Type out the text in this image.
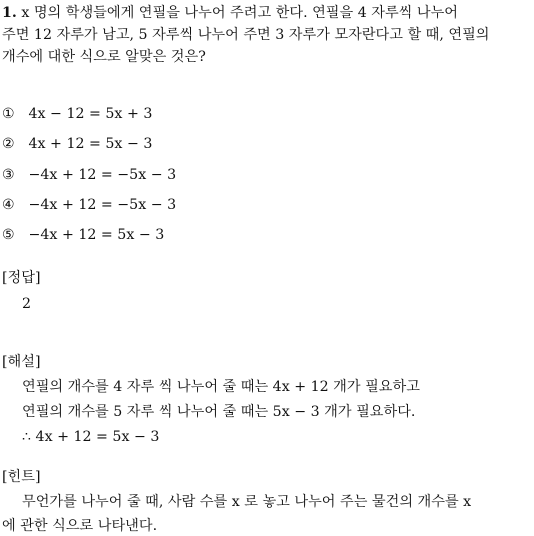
1. x 명의 학생들에게 연필을 나누어 주려고 한다. 연필을 4 자루씩 나누어
주면 12 자루가 남고, 5 자루씩 나누어 주면 3 자루가 모자란다고 할 때, 연필의
개수에 대한 식으로 알맞은 것은?
① 4x − 12 = 5x + 3
② 4x + 12 = 5x − 3
③ −4x + 12 = −5x − 3
④ −4x + 12 = −5x − 3
⑤ −4x + 12 = 5x − 3
[정답]
2
[해설]
연필의 개수를 4 자루 씩 나누어 줄 때는 4x + 12 개가 필요하고
연필의 개수를 5 자루 씩 나누어 줄 때는 5x − 3 개가 필요하다.
∴ 4x + 12 = 5x − 3
[힌트]
무언가를 나누어 줄 때, 사람 수를 x 로 놓고 나누어 주는 물건의 개수를 x
에 관한 식으로 나타낸다.
